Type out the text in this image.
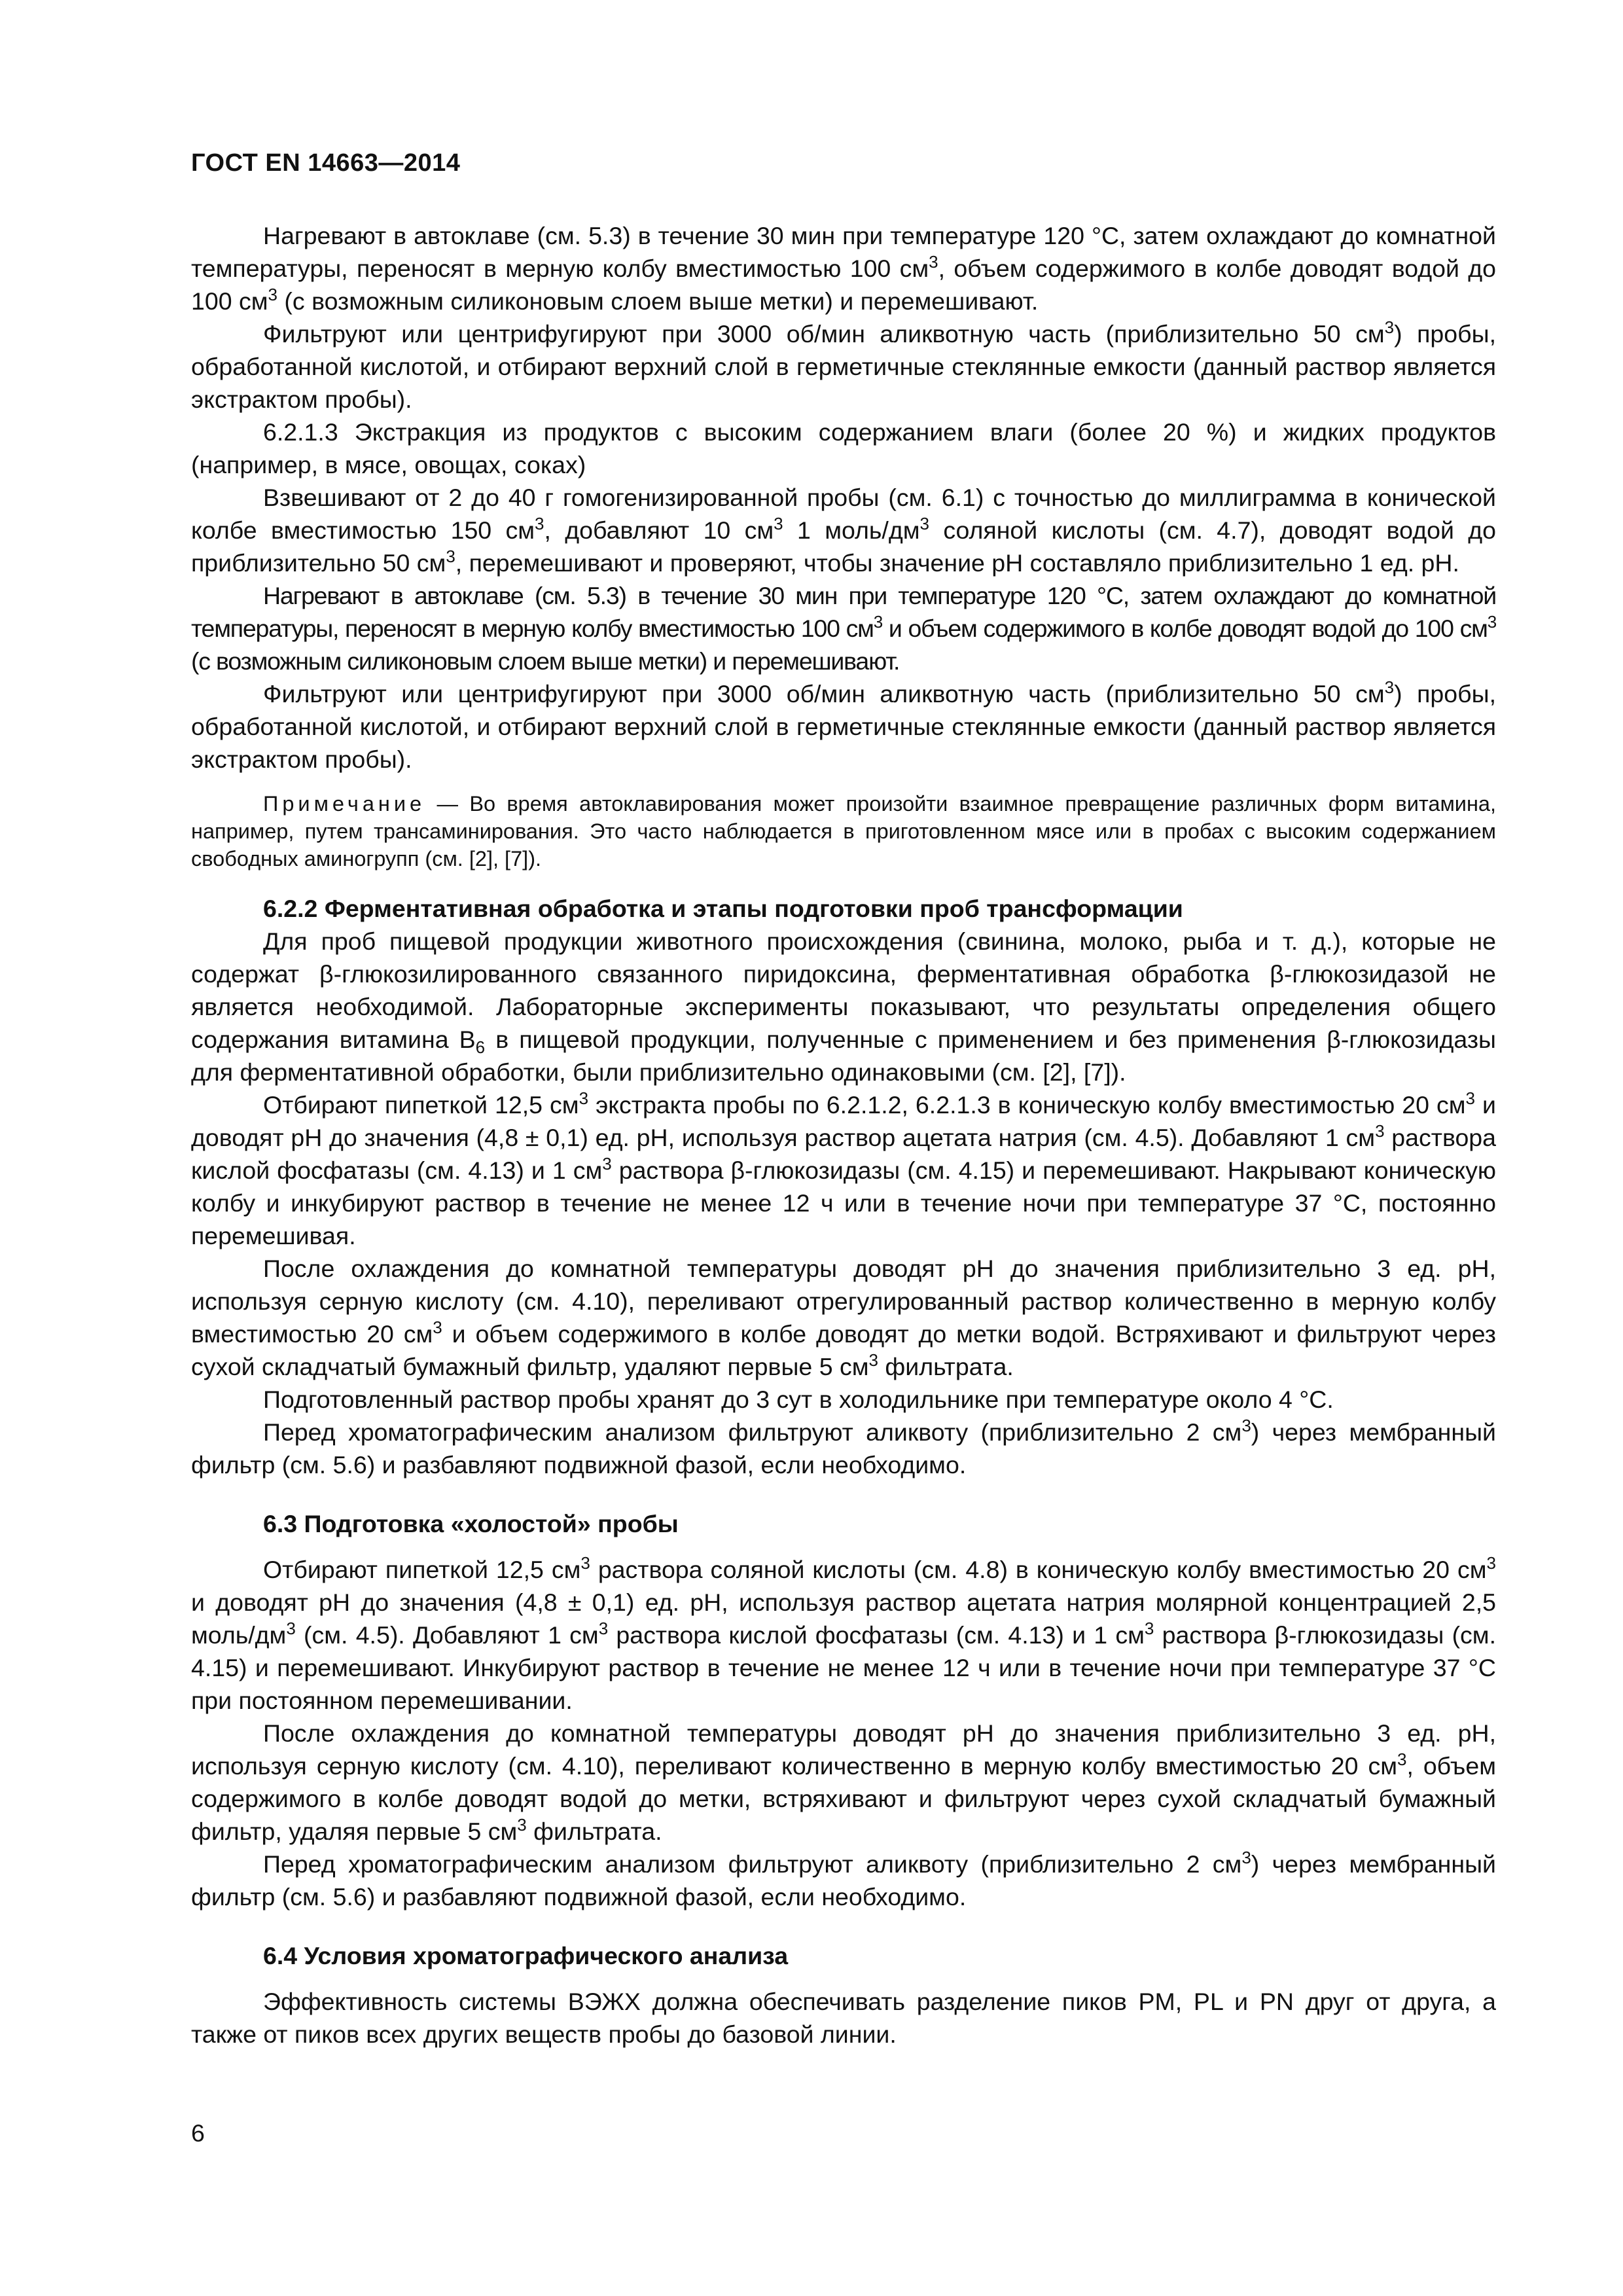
ГОСТ EN 14663—2014

Нагревают в автоклаве (см. 5.3) в течение 30 мин при температуре 120 °С, затем охлаждают до комнатной температуры, переносят в мерную колбу вместимостью 100 $см^3$, объем содержимого в колбе доводят водой до 100 $см^3$ (с возможным силиконовым слоем выше метки) и перемешивают.

Фильтруют или центрифугируют при 3000 об/мин аликвотную часть (приблизительно 50 $см^3$) пробы, обработанной кислотой, и отбирают верхний слой в герметичные стеклянные емкости (данный раствор является экстрактом пробы).

6.2.1.3 Экстракция из продуктов с высоким содержанием влаги (более 20 %) и жидких продуктов (например, в мясе, овощах, соках)

Взвешивают от 2 до 40 г гомогенизированной пробы (см. 6.1) с точностью до миллиграмма в конической колбе вместимостью 150 $см^3$, добавляют 10 $см^3$ 1 моль/$дм^3$ соляной кислоты (см. 4.7), доводят водой до приблизительно 50 $см^3$, перемешивают и проверяют, чтобы значение рН составляло приблизительно 1 ед. рН.

Нагревают в автоклаве (см. 5.3) в течение 30 мин при температуре 120 °С, затем охлаждают до комнатной температуры, переносят в мерную колбу вместимостью 100 $см^3$ и объем содержимого в колбе доводят водой до 100 $см^3$ (с возможным силиконовым слоем выше метки) и перемешивают.

Фильтруют или центрифугируют при 3000 об/мин аликвотную часть (приблизительно 50 $см^3$) пробы, обработанной кислотой, и отбирают верхний слой в герметичные стеклянные емкости (данный раствор является экстрактом пробы).

Примечание — Во время автоклавирования может произойти взаимное превращение различных форм витамина, например, путем трансаминирования. Это часто наблюдается в приготовленном мясе или в пробах с высоким содержанием свободных аминогрупп (см. [2], [7]).

6.2.2 Ферментативная обработка и этапы подготовки проб трансформации

Для проб пищевой продукции животного происхождения (свинина, молоко, рыба и т. д.), которые не содержат β-глюкозилированного связанного пиридоксина, ферментативная обработка β-глюкозидазой не является необходимой. Лабораторные эксперименты показывают, что результаты определения общего содержания витамина $В_6$ в пищевой продукции, полученные с применением и без применения β-глюкозидазы для ферментативной обработки, были приблизительно одинаковыми (см. [2], [7]).

Отбирают пипеткой 12,5 $см^3$ экстракта пробы по 6.2.1.2, 6.2.1.3 в коническую колбу вместимостью 20 $см^3$ и доводят рН до значения (4,8 ± 0,1) ед. рН, используя раствор ацетата натрия (см. 4.5). Добавляют 1 $см^3$ раствора кислой фосфатазы (см. 4.13) и 1 $см^3$ раствора β-глюкозидазы (см. 4.15) и перемешивают. Накрывают коническую колбу и инкубируют раствор в течение не менее 12 ч или в течение ночи при температуре 37 °С, постоянно перемешивая.

После охлаждения до комнатной температуры доводят рН до значения приблизительно 3 ед. рН, используя серную кислоту (см. 4.10), переливают отрегулированный раствор количественно в мерную колбу вместимостью 20 $см^3$ и объем содержимого в колбе доводят до метки водой. Встряхивают и фильтруют через сухой складчатый бумажный фильтр, удаляют первые 5 $см^3$ фильтрата.

Подготовленный раствор пробы хранят до 3 сут в холодильнике при температуре около 4 °С.

Перед хроматографическим анализом фильтруют аликвоту (приблизительно 2 $см^3$) через мембранный фильтр (см. 5.6) и разбавляют подвижной фазой, если необходимо.

6.3 Подготовка «холостой» пробы

Отбирают пипеткой 12,5 $см^3$ раствора соляной кислоты (см. 4.8) в коническую колбу вместимостью 20 $см^3$ и доводят рН до значения (4,8 ± 0,1) ед. рН, используя раствор ацетата натрия молярной концентрацией 2,5 моль/$дм^3$ (см. 4.5). Добавляют 1 $см^3$ раствора кислой фосфатазы (см. 4.13) и 1 $см^3$ раствора β-глюкозидазы (см. 4.15) и перемешивают. Инкубируют раствор в течение не менее 12 ч или в течение ночи при температуре 37 °С при постоянном перемешивании.

После охлаждения до комнатной температуры доводят рН до значения приблизительно 3 ед. рН, используя серную кислоту (см. 4.10), переливают количественно в мерную колбу вместимостью 20 $см^3$, объем содержимого в колбе доводят водой до метки, встряхивают и фильтруют через сухой складчатый бумажный фильтр, удаляя первые 5 $см^3$ фильтрата.

Перед хроматографическим анализом фильтруют аликвоту (приблизительно 2 $см^3$) через мембранный фильтр (см. 5.6) и разбавляют подвижной фазой, если необходимо.

6.4 Условия хроматографического анализа

Эффективность системы ВЭЖХ должна обеспечивать разделение пиков PM, PL и PN друг от друга, а также от пиков всех других веществ пробы до базовой линии.

6
